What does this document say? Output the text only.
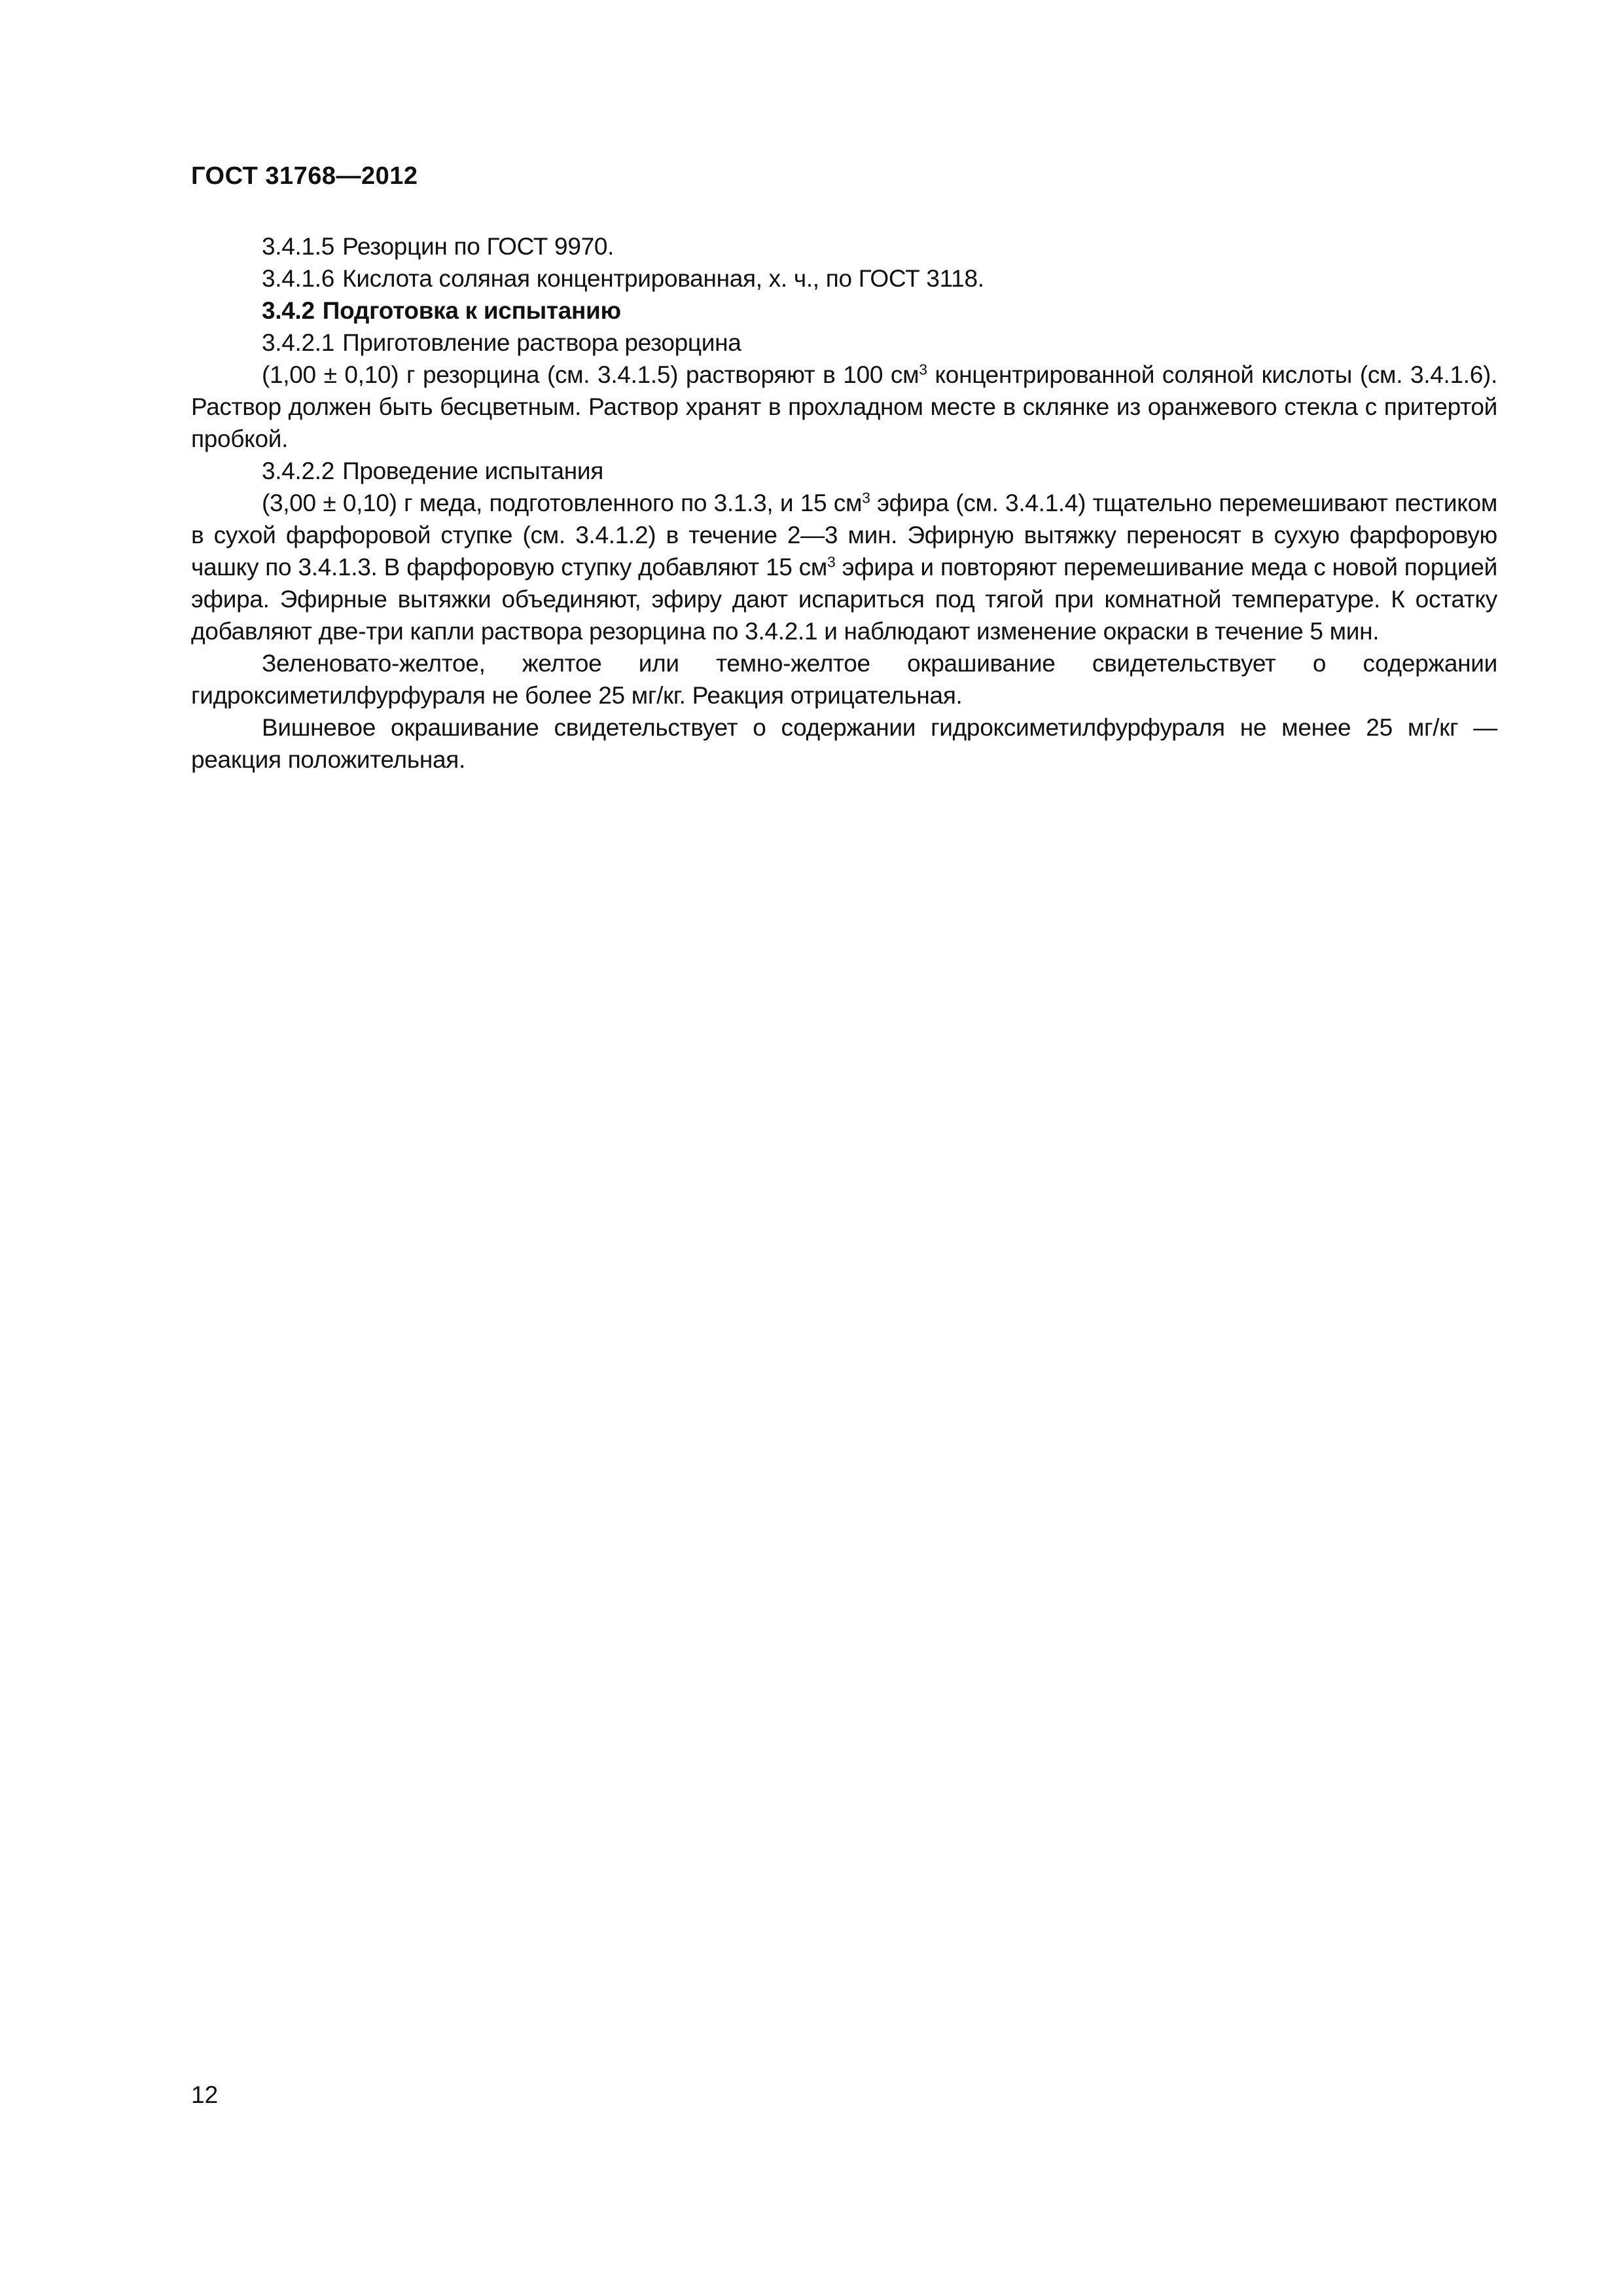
ГОСТ 31768—2012

3.4.1.5 Резорцин по ГОСТ 9970.

3.4.1.6 Кислота соляная концентрированная, х. ч., по ГОСТ 3118.

3.4.2 Подготовка к испытанию

3.4.2.1 Приготовление раствора резорцина

(1,00 ± 0,10) г резорцина (см. 3.4.1.5) растворяют в 100 $см^3$ концентрированной соляной кислоты (см. 3.4.1.6). Раствор должен быть бесцветным. Раствор хранят в прохладном месте в склянке из оранжевого стекла с притертой пробкой.

3.4.2.2 Проведение испытания

(3,00 ± 0,10) г меда, подготовленного по 3.1.3, и 15 $см^3$ эфира (см. 3.4.1.4) тщательно перемешивают пестиком в сухой фарфоровой ступке (см. 3.4.1.2) в течение 2—3 мин. Эфирную вытяжку переносят в сухую фарфоровую чашку по 3.4.1.3. В фарфоровую ступку добавляют 15 $см^3$ эфира и повторяют перемешивание меда с новой порцией эфира. Эфирные вытяжки объединяют, эфиру дают испариться под тягой при комнатной температуре. К остатку добавляют две-три капли раствора резорцина по 3.4.2.1 и наблюдают изменение окраски в течение 5 мин.

Зеленовато-желтое, желтое или темно-желтое окрашивание свидетельствует о содержании гидроксиметилфурфураля не более 25 мг/кг. Реакция отрицательная.

Вишневое окрашивание свидетельствует о содержании гидроксиметилфурфураля не менее 25 мг/кг — реакция положительная.

12
